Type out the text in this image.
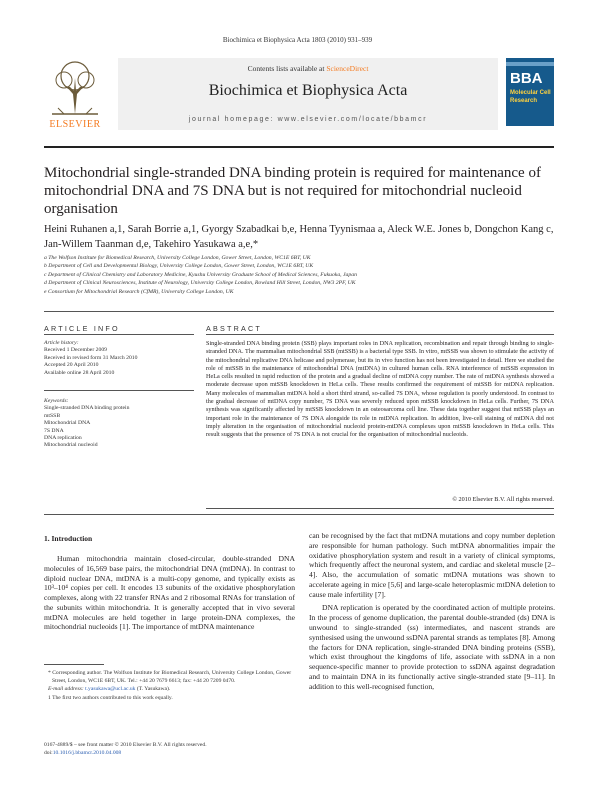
Biochimica et Biophysica Acta 1803 (2010) 931–939
ELSEVIER
Contents lists available at ScienceDirect
Biochimica et Biophysica Acta
journal homepage: www.elsevier.com/locate/bbamcr
BBA
Molecular Cell
Research
Mitochondrial single-stranded DNA binding protein is required for maintenance of mitochondrial DNA and 7S DNA but is not required for mitochondrial nucleoid organisation
Heini Ruhanen a,1, Sarah Borrie a,1, Gyorgy Szabadkai b,e, Henna Tyynismaa a, Aleck W.E. Jones b, Dongchon Kang c, Jan-Willem Taanman d,e, Takehiro Yasukawa a,e,*
a The Wolfson Institute for Biomedical Research, University College London, Gower Street, London, WC1E 6BT, UK
b Department of Cell and Developmental Biology, University College London, Gower Street, London, WC1E 6BT, UK
c Department of Clinical Chemistry and Laboratory Medicine, Kyushu University Graduate School of Medical Sciences, Fukuoka, Japan
d Department of Clinical Neurosciences, Institute of Neurology, University College London, Rowland Hill Street, London, NW3 2PF, UK
e Consortium for Mitochondrial Research (CfMR), University College London, UK
ARTICLE INFO	ABSTRACT
Article history:
Received 1 December 2009
Received in revised form 31 March 2010
Accepted 20 April 2010
Available online 28 April 2010
Keywords:
Single-stranded DNA binding protein
mtSSB
Mitochondrial DNA
7S DNA
DNA replication
Mitochondrial nucleoid
Single-stranded DNA binding protein (SSB) plays important roles in DNA replication, recombination and repair through binding to single-stranded DNA. The mammalian mitochondrial SSB (mtSSB) is a bacterial type SSB. In vitro, mtSSB was shown to stimulate the activity of the mitochondrial replicative DNA helicase and polymerase, but its in vivo function has not been investigated in detail. Here we studied the role of mtSSB in the maintenance of mitochondrial DNA (mtDNA) in cultured human cells. RNA interference of mtSSB expression in HeLa cells resulted in rapid reduction of the protein and a gradual decline of mtDNA copy number. The rate of mtDNA synthesis showed a moderate decrease upon mtSSB knockdown in HeLa cells. These results confirmed the requirement of mtSSB for mtDNA replication. Many molecules of mammalian mtDNA hold a short third strand, so-called 7S DNA, whose regulation is poorly understood. In contrast to the gradual decrease of mtDNA copy number, 7S DNA was severely reduced upon mtSSB knockdown in HeLa cells. Further, 7S DNA synthesis was significantly affected by mtSSB knockdown in an osteosarcoma cell line. These data together suggest that mtSSB plays an important role in the maintenance of 7S DNA alongside its role in mtDNA replication. In addition, live-cell staining of mtDNA did not imply alteration in the organisation of mitochondrial nucleoid protein-mtDNA complexes upon mtSSB knockdown in HeLa cells. This result suggests that the presence of 7S DNA is not crucial for the organisation of mitochondrial nucleoids.
© 2010 Elsevier B.V. All rights reserved.
1. Introduction

Human mitochondria maintain closed-circular, double-stranded DNA molecules of 16,569 base pairs, the mitochondrial DNA (mtDNA). In contrast to diploid nuclear DNA, mtDNA is a multi-copy genome, and typically exists as 10³–10⁴ copies per cell. It encodes 13 subunits of the oxidative phosphorylation complexes, along with 22 transfer RNAs and 2 ribosomal RNAs for translation of the subunits within mitochondria. It is generally accepted that in vivo several mtDNA molecules are held together in large protein-DNA complexes, the mitochondrial nucleoids [1]. The importance of mtDNA maintenance

can be recognised by the fact that mtDNA mutations and copy number depletion are responsible for human pathology. Such mtDNA abnormalities impair the oxidative phosphorylation system and result in a variety of clinical symptoms, which frequently affect the neuronal system, and cardiac and skeletal muscle [2–4]. Also, the accumulation of somatic mtDNA mutations was shown to accelerate ageing in mice [5,6] and large-scale heteroplasmic mtDNA deletion to cause male infertility [7].

DNA replication is operated by the coordinated action of multiple proteins. In the process of genome duplication, the parental double-stranded (ds) DNA is unwound to single-stranded (ss) intermediates, and nascent strands are synthesised using the unwound ssDNA parental strands as templates [8]. Among the factors for DNA replication, single-stranded DNA binding proteins (SSB), which exist throughout the kingdoms of life, associate with ssDNA in a non sequence-specific manner to provide protection to ssDNA against degradation and to maintain DNA in its functionally active single-stranded state [9–11]. In addition to this well-recognised function,

* Corresponding author. The Wolfson Institute for Biomedical Research, University College London, Gower Street, London, WC1E 6BT, UK. Tel.: +44 20 7679 6613; fax: +44 20 7209 0470.

E-mail address: t.yasukawa@ucl.ac.uk (T. Yasukawa).

1 The first two authors contributed to this work equally.

0167-4889/$ – see front matter © 2010 Elsevier B.V. All rights reserved.
doi:10.1016/j.bbamcr.2010.04.008
